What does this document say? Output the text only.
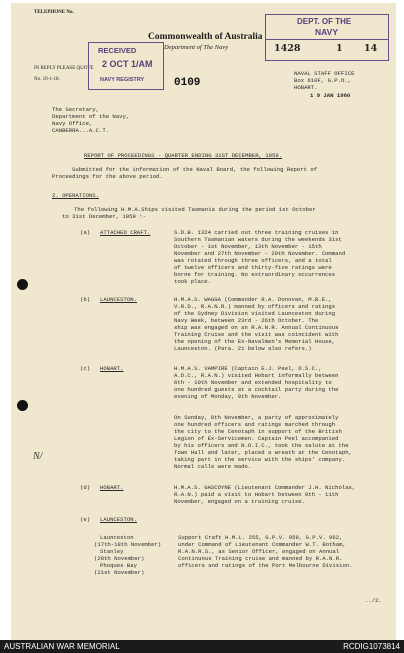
TELEPHONE No.
IN REPLY PLEASE QUOTE
No. 10-1-18.
Commonwealth of Australia
Department of The Navy
0109
RECEIVED
2 OCT 1/AM
NAVY REGISTRY
DEPT. OF THE
NAVY
1428	1 14
NAVAL STAFF OFFICE
Box 610F, G.P.O.,
HOBART.
1 9 JAN 1960
The Secretary,
Department of the Navy,
Navy Office,
CANBERRA...A.C.T.
REPORT OF PROCEEDINGS - QUARTER ENDING 31ST DECEMBER, 1959.
Submitted for the information of the Naval Board, the following Report of
Proceedings for the above period.
2. OPERATIONS.
The following H.M.A.Ships visited Tasmania during the period 1st October
to 31st December, 1959 :-
(a) ATTACHED CRAFT.	S.D.B. 1324 carried out three training cruises in
Southern Tasmanian waters during the weekends 31st
October - 1st November, 13th November - 15th
November and 27th November - 29th November. Command
was rotated through three officers, and a total
of twelve officers and thirty-five ratings were
borne for training. No extraordinary occurrences
took place.
(b) LAUNCESTON.	H.M.A.S. WAGGA (Commander R.A. Donovan, M.B.E.,
V.R.D., R.A.N.R.) manned by officers and ratings
of the Sydney Division visited Launceston during
Navy Week, between 23rd - 26th October. The
ship was engaged on an R.A.N.R. Annual Continuous
Training Cruise and the visit was coincident with
the opening of the Ex-Navalmen's Memorial House,
Launceston. (Para. 21 below also refers.)
(c) HOBART.	H.M.A.S. VAMPIRE (Captain E.J. Peel, D.S.C.,
A.D.C., R.A.N.) visited Hobart informally between
6th - 10th November and extended hospitality to
one hundred guests at a cocktail party during the
evening of Monday, 9th November.
On Sunday, 8th November, a party of approximately
one hundred officers and ratings marched through
the city to the Cenotaph in support of the British
Legion of Ex-Servicemen. Captain Peel accompanied
by his officers and N.O.I.C., took the salute at the
Town Hall and later, placed a wreath at the Cenotaph,
taking part in the service with the ships' company.
Normal calls were made.
N/
(d) HOBART.	H.M.A.S. GASCOYNE (Lieutenant Commander J.H. Nicholas,
R.A.N.) paid a visit to Hobart between 9th - 11th
November, engaged on a training cruise.
(e) LAUNCESTON.
Launceston
(17th-18th November)
Stanley
(20th November)
Phoques Bay
(21st November)
Support Craft H.M.L. 255, G.P.V. 959, G.P.V. 962,
under Command of Lieutenant Commander W.T. Botham,
R.A.N.R.S., as Senior Officer, engaged on Annual
Continuous Training cruise and manned by R.A.N.R.
officers and ratings of the Port Melbourne Division.
../2.
AUSTRALIAN WAR MEMORIAL	RCDIG1073814
